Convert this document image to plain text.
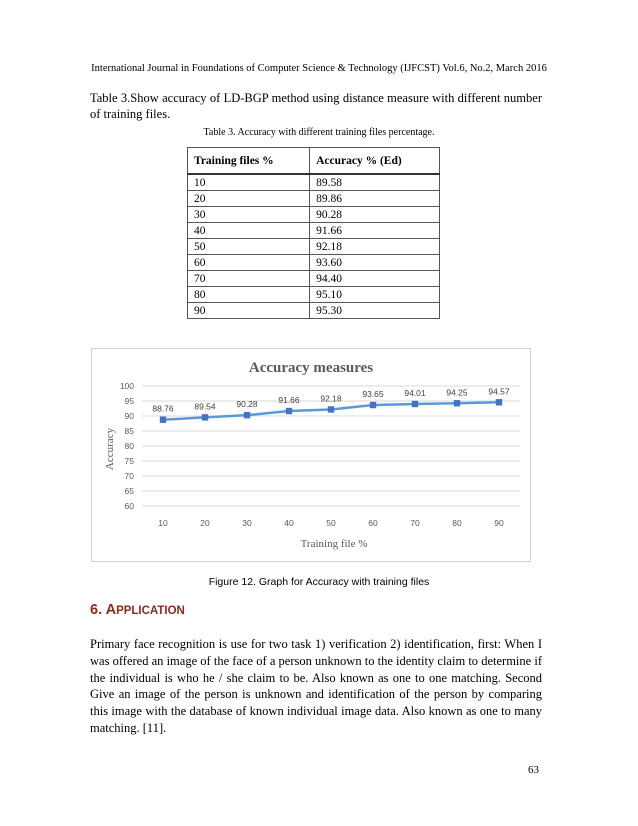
International Journal in Foundations of Computer Science & Technology (IJFCST) Vol.6, No.2, March 2016
Table 3.Show accuracy of LD-BGP method using distance measure with different number of training files.
Table 3. Accuracy with different training files percentage.
Training files %	Accuracy % (Ed)
10	89.58
20	89.86
30	90.28
40	91.66
50	92.18
60	93.60
70	94.40
80	95.10
90	95.30
Accuracy measures
Accuracy
Training file %
60
65
70
75
80
85
90
95
100
10	20	30	40	50	60	70	80	90
88.76 89.54 90.28 91.66 92.18 93.65 94.01 94.25 94.57
Figure 12. Graph for Accuracy with training files
6. APPLICATION
Primary face recognition is use for two task 1) verification 2) identification, first: When I was offered an image of the face of a person unknown to the identity claim to determine if the individual is who he / she claim to be. Also known as one to one matching. Second Give an image of the person is unknown and identification of the person by comparing this image with the database of known individual image data. Also known as one to many matching. [11].
63
